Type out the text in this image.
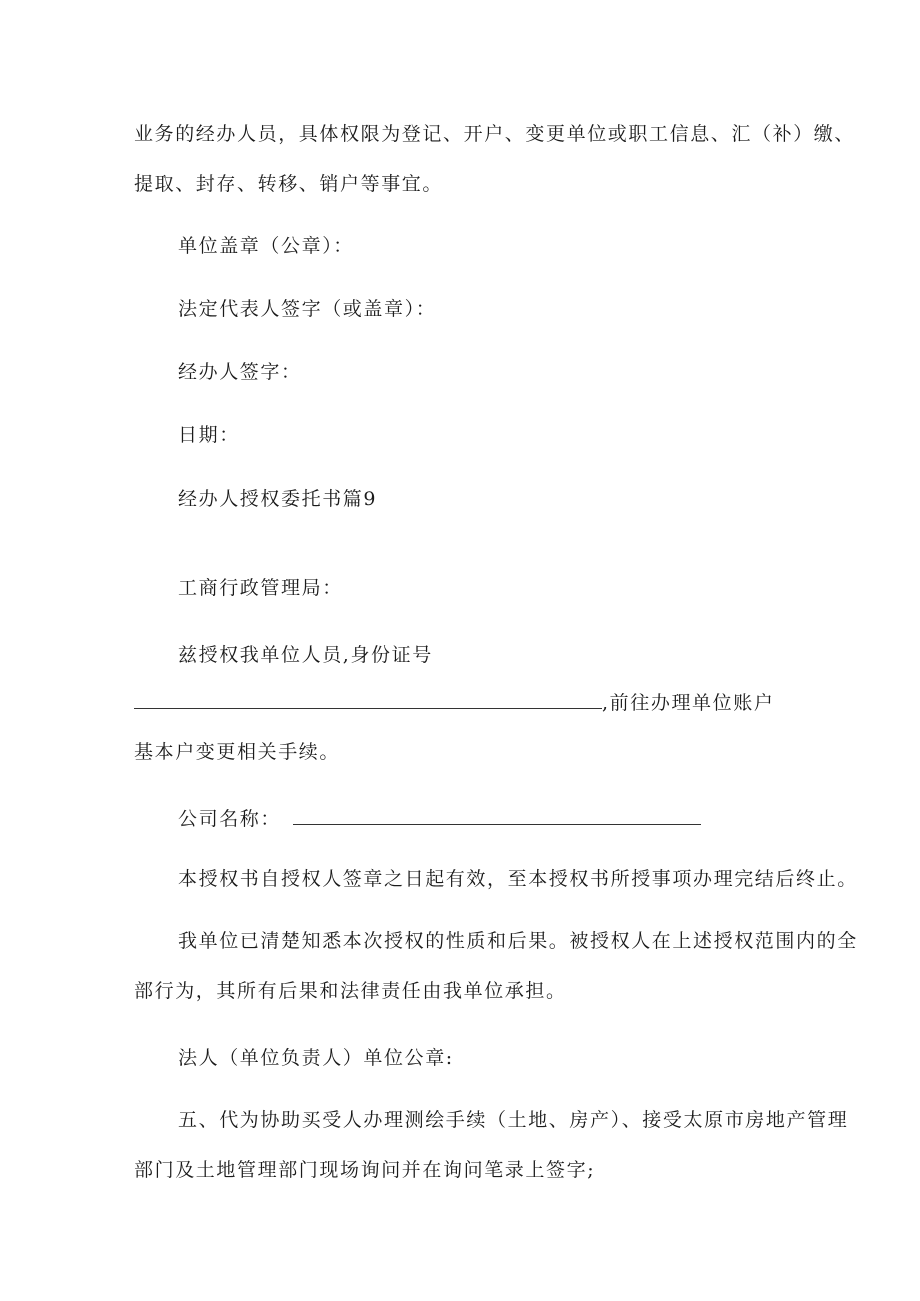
业务的经办人员，具体权限为登记、开户、变更单位或职工信息、汇（补）缴、

提取、封存、转移、销户等事宜。

单位盖章（公章）：

法定代表人签字（或盖章）：

经办人签字：

日期：

经办人授权委托书篇9

工商行政管理局：

兹授权我单位人员,身份证号

,前往办理单位账户

基本户变更相关手续。

公司名称：

本授权书自授权人签章之日起有效，至本授权书所授事项办理完结后终止。

我单位已清楚知悉本次授权的性质和后果。被授权人在上述授权范围内的全

部行为，其所有后果和法律责任由我单位承担。

法人（单位负责人）单位公章:

五、代为协助买受人办理测绘手续（土地、房产）、接受太原市房地产管理

部门及土地管理部门现场询问并在询问笔录上签字;
